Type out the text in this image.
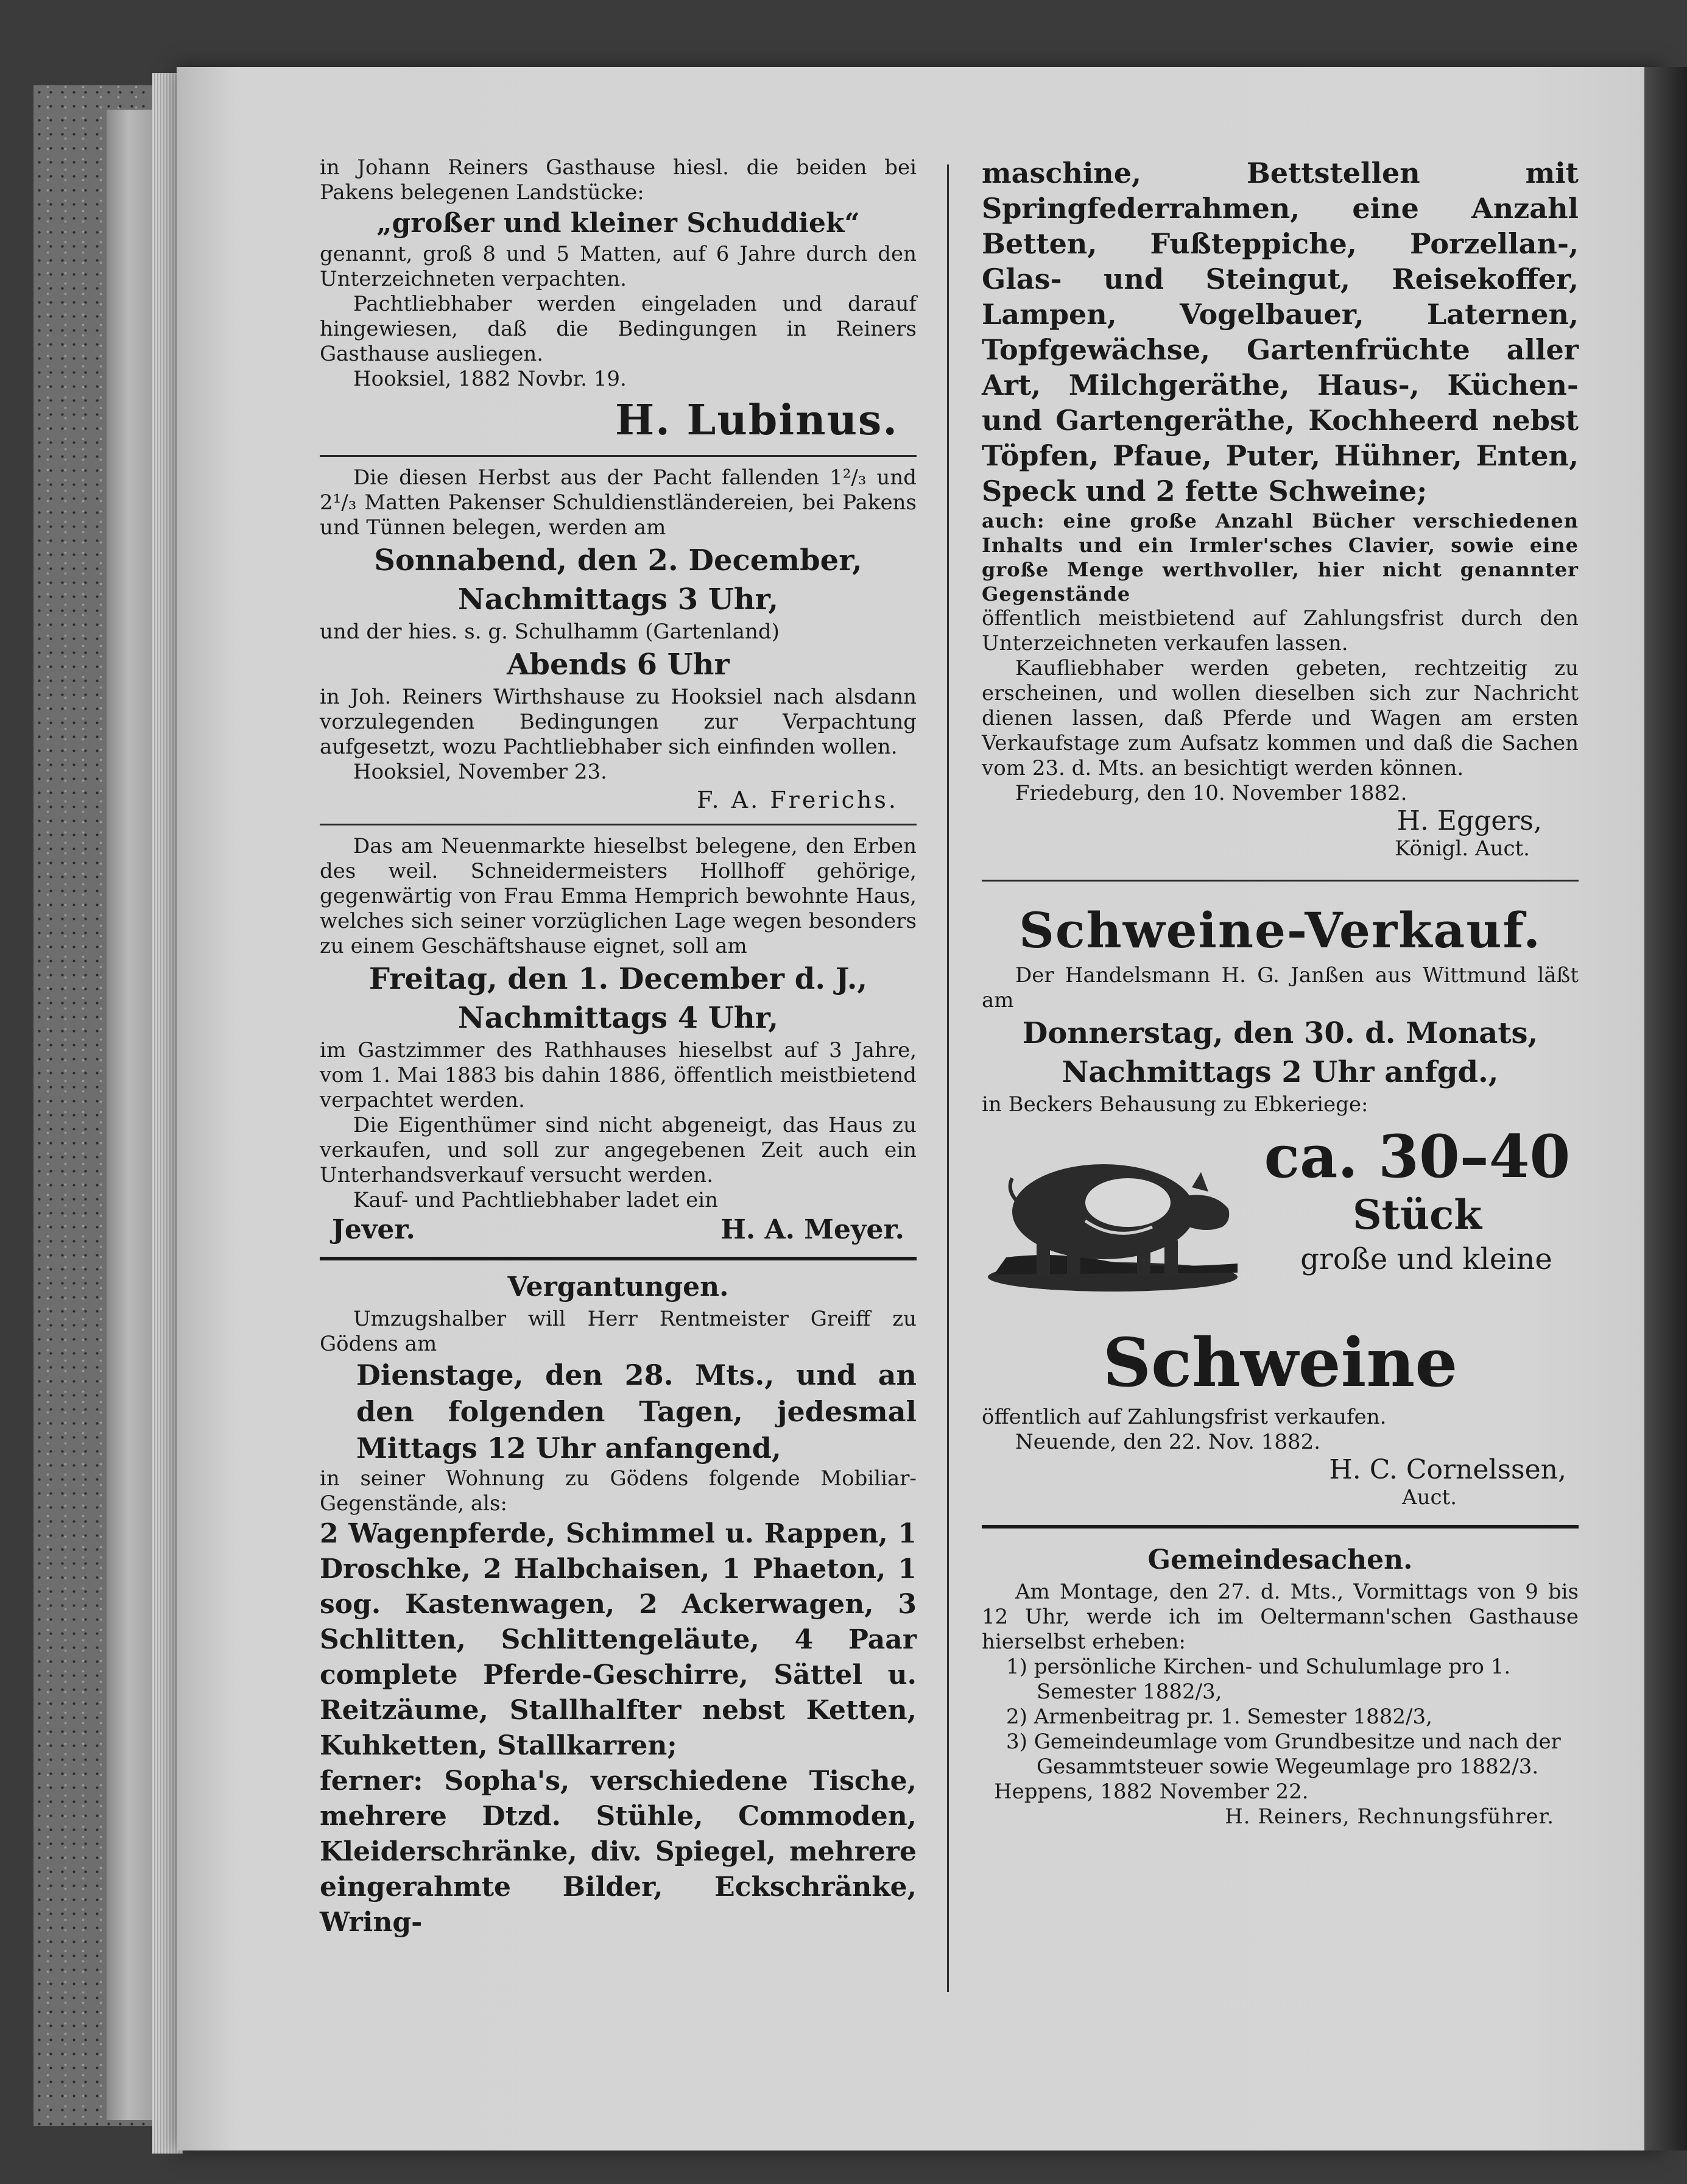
in Johann Reiners Gasthause hiesl. die beiden bei Pakens belegenen Landstücke:

„großer und kleiner Schuddiek“

genannt, groß 8 und 5 Matten, auf 6 Jahre durch den Unterzeichneten verpachten.

Pachtliebhaber werden eingeladen und darauf hingewiesen, daß die Bedingungen in Reiners Gasthause ausliegen.

Hooksiel, 1882 Novbr. 19.

H. Lubinus.

Die diesen Herbst aus der Pacht fallenden 1²/₃ und 2¹/₃ Matten Pakenser Schuldienstländereien, bei Pakens und Tünnen belegen, werden am

Sonnabend, den 2. December,

Nachmittags 3 Uhr,

und der hies. s. g. Schulhamm (Gartenland)

Abends 6 Uhr

in Joh. Reiners Wirthshause zu Hooksiel nach alsdann vorzulegenden Bedingungen zur Verpachtung aufgesetzt, wozu Pachtliebhaber sich einfinden wollen.

Hooksiel, November 23.

F. A. Frerichs.

Das am Neuenmarkte hieselbst belegene, den Erben des weil. Schneidermeisters Hollhoff gehörige, gegenwärtig von Frau Emma Hemprich bewohnte Haus, welches sich seiner vorzüglichen Lage wegen besonders zu einem Geschäftshause eignet, soll am

Freitag, den 1. December d. J.,

Nachmittags 4 Uhr,

im Gastzimmer des Rathhauses hieselbst auf 3 Jahre, vom 1. Mai 1883 bis dahin 1886, öffentlich meistbietend verpachtet werden.

Die Eigenthümer sind nicht abgeneigt, das Haus zu verkaufen, und soll zur angegebenen Zeit auch ein Unterhandsverkauf versucht werden.

Kauf- und Pachtliebhaber ladet ein

Jever.	H. A. Meyer.

Vergantungen.

Umzugshalber will Herr Rentmeister Greiff zu Gödens am

Dienstage, den 28. Mts., und an den folgenden Tagen, jedesmal Mittags 12 Uhr anfangend,

in seiner Wohnung zu Gödens folgende Mobiliar-Gegenstände, als:

2 Wagenpferde, Schimmel u. Rappen, 1 Droschke, 2 Halbchaisen, 1 Phaeton, 1 sog. Kastenwagen, 2 Ackerwagen, 3 Schlitten, Schlittengeläute, 4 Paar complete Pferde-Geschirre, Sättel u. Reitzäume, Stallhalfter nebst Ketten, Kuhketten, Stallkarren;

ferner: Sopha's, verschiedene Tische, mehrere Dtzd. Stühle, Commoden, Kleiderschränke, div. Spiegel, mehrere eingerahmte Bilder, Eckschränke, Wring-

maschine, Bettstellen mit Springfederrahmen, eine Anzahl Betten, Fußteppiche, Porzellan-, Glas- und Steingut, Reisekoffer, Lampen, Vogelbauer, Laternen, Topfgewächse, Gartenfrüchte aller Art, Milchgeräthe, Haus-, Küchen- und Gartengeräthe, Kochheerd nebst Töpfen, Pfaue, Puter, Hühner, Enten, Speck und 2 fette Schweine;

auch: eine große Anzahl Bücher verschiedenen Inhalts und ein Irmler'sches Clavier, sowie eine große Menge werthvoller, hier nicht genannter Gegenstände

öffentlich meistbietend auf Zahlungsfrist durch den Unterzeichneten verkaufen lassen.

Kaufliebhaber werden gebeten, rechtzeitig zu erscheinen, und wollen dieselben sich zur Nachricht dienen lassen, daß Pferde und Wagen am ersten Verkaufstage zum Aufsatz kommen und daß die Sachen vom 23. d. Mts. an besichtigt werden können.

Friedeburg, den 10. November 1882.

H. Eggers,

Königl. Auct.

Schweine-Verkauf.

Der Handelsmann H. G. Janßen aus Wittmund läßt am

Donnerstag, den 30. d. Monats,

Nachmittags 2 Uhr anfgd.,

in Beckers Behausung zu Ebkeriege:

ca. 30–40
Stück
große und kleine

Schweine

öffentlich auf Zahlungsfrist verkaufen.

Neuende, den 22. Nov. 1882.

H. C. Cornelssen,

Auct.

Gemeindesachen.

Am Montage, den 27. d. Mts., Vormittags von 9 bis 12 Uhr, werde ich im Oeltermann'schen Gasthause hierselbst erheben:

1) persönliche Kirchen- und Schulumlage pro 1. Semester 1882/3,

2) Armenbeitrag pr. 1. Semester 1882/3,

3) Gemeindeumlage vom Grundbesitze und nach der Gesammtsteuer sowie Wegeumlage pro 1882/3.

Heppens, 1882 November 22.

H. Reiners, Rechnungsführer.
